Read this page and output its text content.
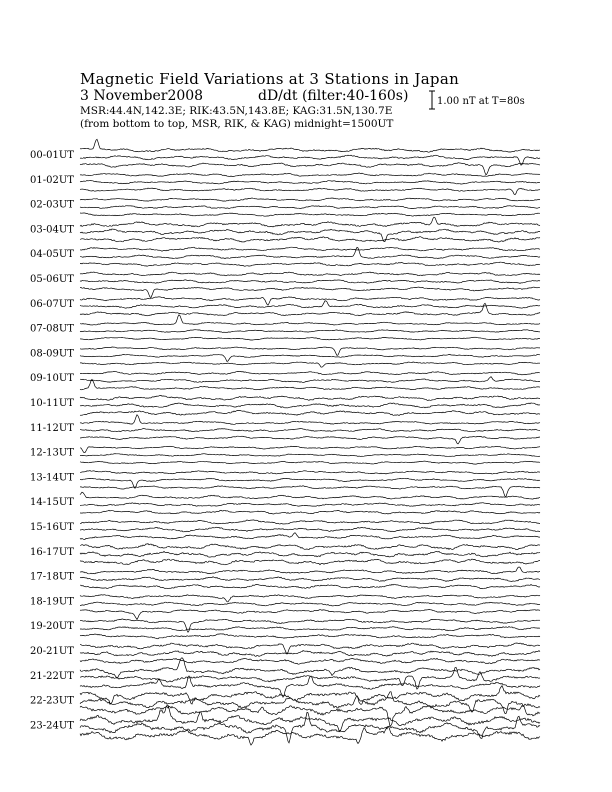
Magnetic Field Variations at 3 Stations in Japan
3 November2008	dD/dt (filter:40-160s)
MSR:44.4N,142.3E; RIK:43.5N,143.8E; KAG:31.5N,130.7E
(from bottom to top, MSR, RIK, & KAG) midnight=1500UT
1.00 nT at T=80s
00-01UT
01-02UT
02-03UT
03-04UT
04-05UT
05-06UT
06-07UT
07-08UT
08-09UT
09-10UT
10-11UT
11-12UT
12-13UT
13-14UT
14-15UT
15-16UT
16-17UT
17-18UT
18-19UT
19-20UT
20-21UT
21-22UT
22-23UT
23-24UT
